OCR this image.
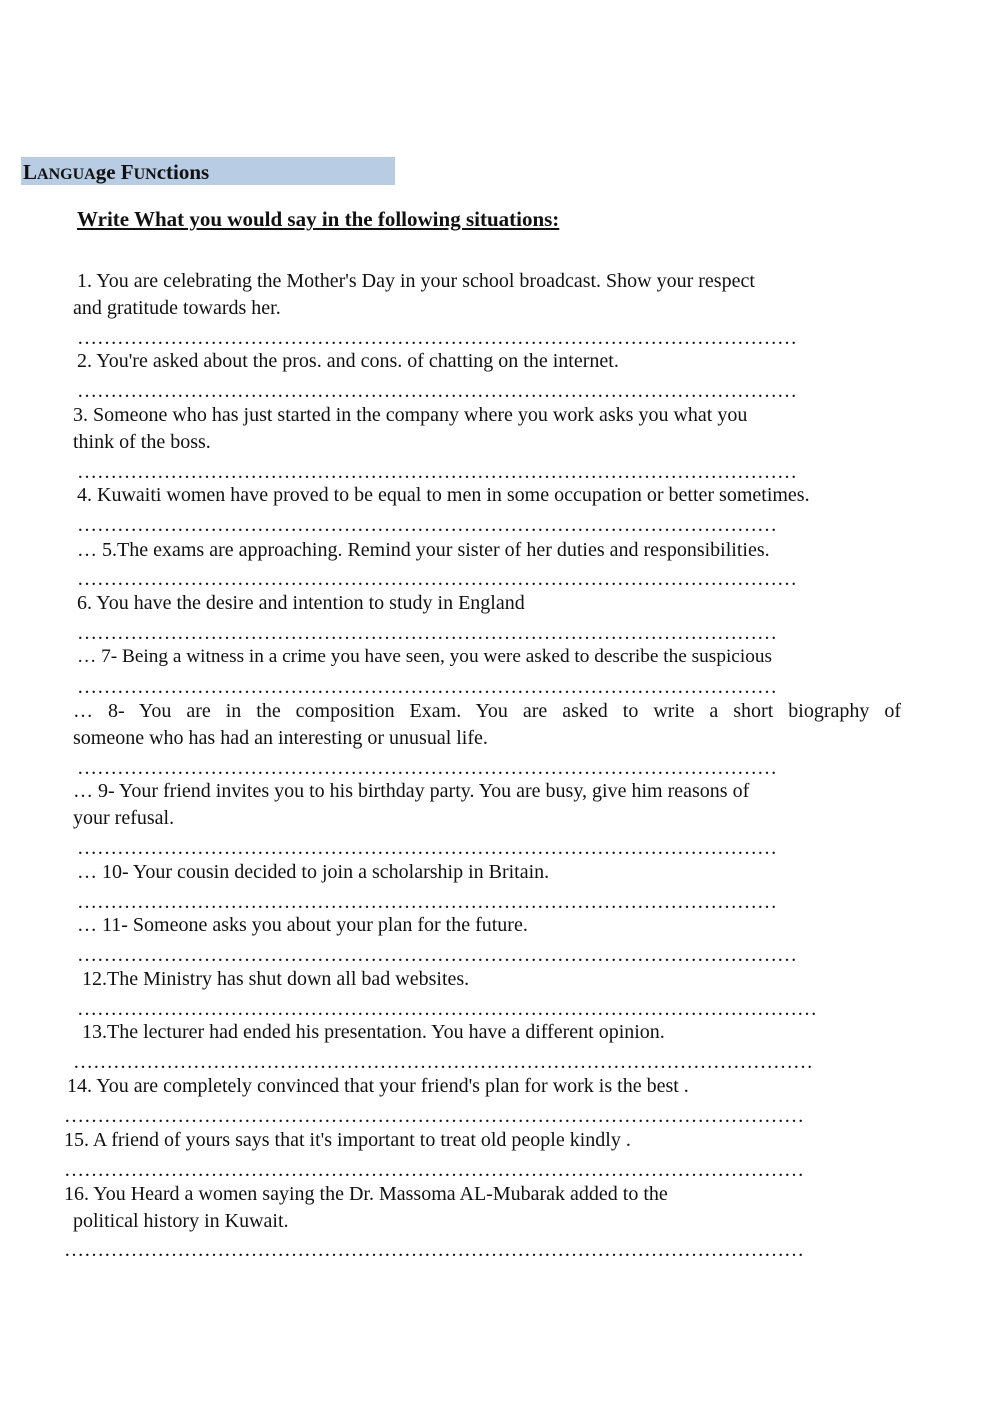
LANGUAge FUNctions
Write What you would say in the following situations:
1. You are celebrating the Mother's Day in your school broadcast. Show your respect
and gratitude towards her.
………………………………………………………………………………………………
2. You're asked about the pros. and cons. of chatting on the internet.
………………………………………………………………………………………………
3. Someone who has just started in the company where you work asks you what you
think of the boss.
………………………………………………………………………………………………
4. Kuwaiti women have proved to be equal to men in some occupation or better sometimes.
……………………………………………………………………………………………
… 5.The exams are approaching. Remind your sister of her duties and responsibilities.
………………………………………………………………………………………………
6. You have the desire and intention to study in England
……………………………………………………………………………………………
… 7- Being a witness in a crime you have seen, you were asked to describe the suspicious
……………………………………………………………………………………………
… 8- You are in the composition Exam. You are asked to write a short biography of
someone who has had an interesting or unusual life.
……………………………………………………………………………………………
… 9- Your friend invites you to his birthday party. You are busy, give him reasons of
your refusal.
……………………………………………………………………………………………
… 10- Your cousin decided to join a scholarship in Britain.
……………………………………………………………………………………………
… 11- Someone asks you about your plan for the future.
………………………………………………………………………………………………
12.The Ministry has shut down all bad websites.
…………………………………………………………………………………………………
13.The lecturer had ended his presentation. You have a different opinion.
…………………………………………………………………………………………………
14. You are completely convinced that your friend's plan for work is the best .
…………………………………………………………………………………………………
15. A friend of yours says that it's important to treat old people kindly .
…………………………………………………………………………………………………
16. You Heard a women saying the Dr. Massoma AL-Mubarak added to the
political history in Kuwait.
…………………………………………………………………………………………………
